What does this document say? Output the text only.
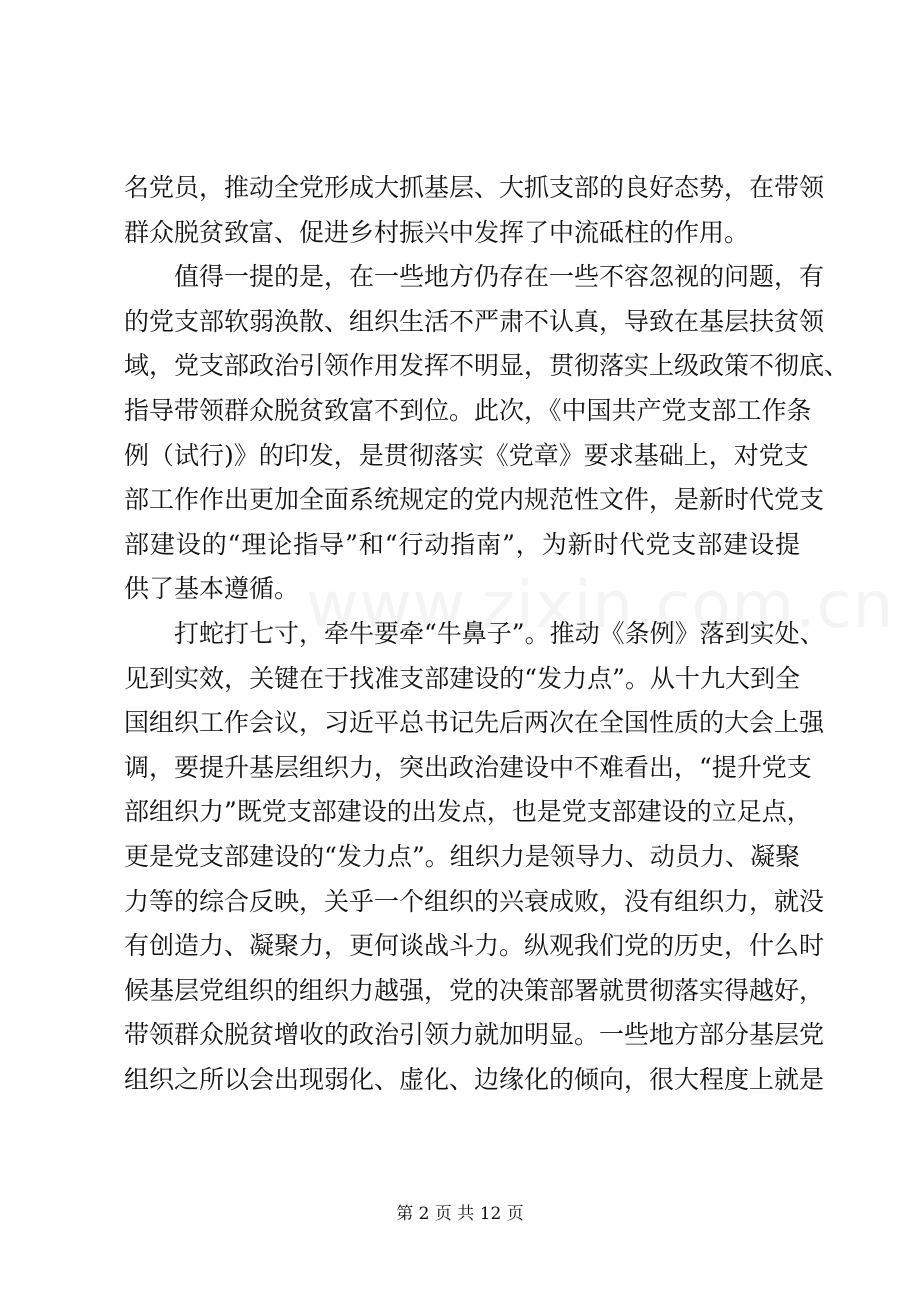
名党员，推动全党形成大抓基层、大抓支部的良好态势，在带领
群众脱贫致富、促进乡村振兴中发挥了中流砥柱的作用。
　　值得一提的是，在一些地方仍存在一些不容忽视的问题，有
的党支部软弱涣散、组织生活不严肃不认真，导致在基层扶贫领
域，党支部政治引领作用发挥不明显，贯彻落实上级政策不彻底、
指导带领群众脱贫致富不到位。此次，《中国共产党支部工作条
例（试行)》的印发，是贯彻落实《党章》要求基础上，对党支
部工作作出更加全面系统规定的党内规范性文件，是新时代党支
部建设的“理论指导”和“行动指南”，为新时代党支部建设提
供了基本遵循。
　　打蛇打七寸，牵牛要牵“牛鼻子”。推动《条例》落到实处、
见到实效，关键在于找准支部建设的“发力点”。从十九大到全
国组织工作会议，习近平总书记先后两次在全国性质的大会上强
调，要提升基层组织力，突出政治建设中不难看出，“提升党支
部组织力”既党支部建设的出发点，也是党支部建设的立足点，
更是党支部建设的“发力点”。组织力是领导力、动员力、凝聚
力等的综合反映，关乎一个组织的兴衰成败，没有组织力，就没
有创造力、凝聚力，更何谈战斗力。纵观我们党的历史，什么时
候基层党组织的组织力越强，党的决策部署就贯彻落实得越好，
带领群众脱贫增收的政治引领力就加明显。一些地方部分基层党
组织之所以会出现弱化、虚化、边缘化的倾向，很大程度上就是
第 2 页 共 12 页
